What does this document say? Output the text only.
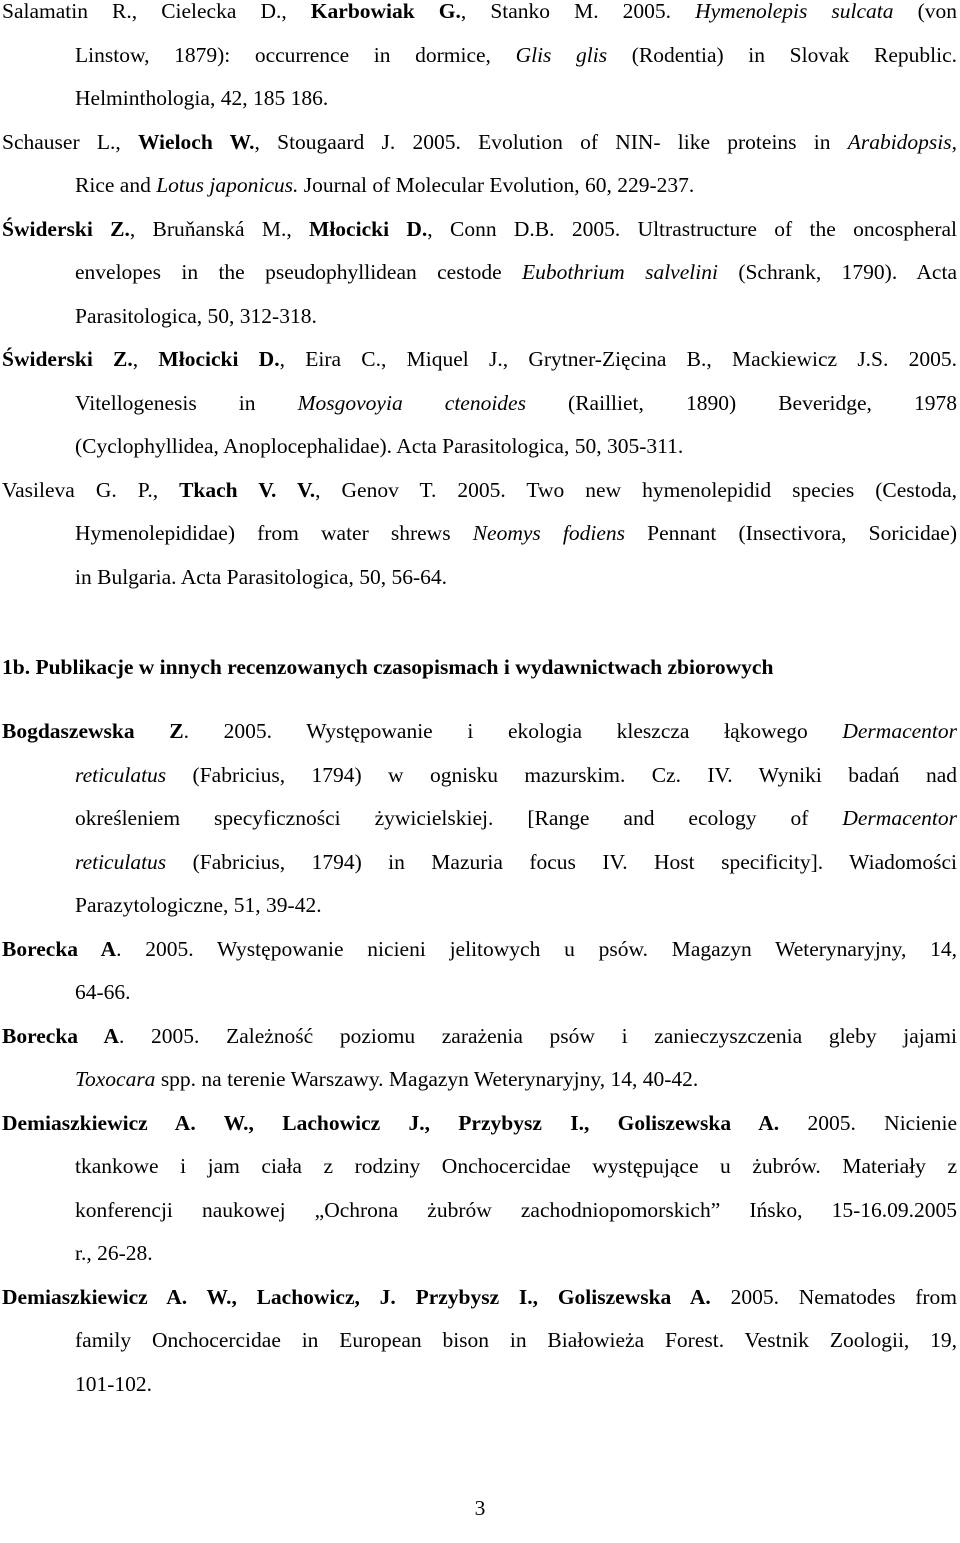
Salamatin R., Cielecka D., Karbowiak G., Stanko M. 2005. Hymenolepis sulcata (von
Linstow, 1879): occurrence in dormice, Glis glis (Rodentia) in Slovak Republic.
Helminthologia, 42, 185 186.
Schauser L., Wieloch W., Stougaard J. 2005. Evolution of NIN- like proteins in Arabidopsis,
Rice and Lotus japonicus. Journal of Molecular Evolution, 60, 229-237.
Świderski Z., Bruňanská M., Młocicki D., Conn D.B. 2005. Ultrastructure of the oncospheral
envelopes in the pseudophyllidean cestode Eubothrium salvelini (Schrank, 1790). Acta
Parasitologica, 50, 312-318.
Świderski Z., Młocicki D., Eira C., Miquel J., Grytner-Zięcina B., Mackiewicz J.S. 2005.
Vitellogenesis in Mosgovoyia ctenoides (Railliet, 1890) Beveridge, 1978
(Cyclophyllidea, Anoplocephalidae). Acta Parasitologica, 50, 305-311.
Vasileva G. P., Tkach V. V., Genov T. 2005. Two new hymenolepidid species (Cestoda,
Hymenolepididae) from water shrews Neomys fodiens Pennant (Insectivora, Soricidae)
in Bulgaria. Acta Parasitologica, 50, 56-64.
1b. Publikacje w innych recenzowanych czasopismach i wydawnictwach zbiorowych
Bogdaszewska Z. 2005. Występowanie i ekologia kleszcza łąkowego Dermacentor
reticulatus (Fabricius, 1794) w ognisku mazurskim. Cz. IV. Wyniki badań nad
określeniem specyficzności żywicielskiej. [Range and ecology of Dermacentor
reticulatus (Fabricius, 1794) in Mazuria focus IV. Host specificity]. Wiadomości
Parazytologiczne, 51, 39-42.
Borecka A. 2005. Występowanie nicieni jelitowych u psów. Magazyn Weterynaryjny, 14,
64-66.
Borecka A. 2005. Zależność poziomu zarażenia psów i zanieczyszczenia gleby jajami
Toxocara spp. na terenie Warszawy. Magazyn Weterynaryjny, 14, 40-42.
Demiaszkiewicz A. W., Lachowicz J., Przybysz I., Goliszewska A. 2005. Nicienie
tkankowe i jam ciała z rodziny Onchocercidae występujące u żubrów. Materiały z
konferencji naukowej „Ochrona żubrów zachodniopomorskich” Ińsko, 15-16.09.2005
r., 26-28.
Demiaszkiewicz A. W., Lachowicz, J. Przybysz I., Goliszewska A. 2005. Nematodes from
family Onchocercidae in European bison in Białowieża Forest. Vestnik Zoologii, 19,
101-102.
3
